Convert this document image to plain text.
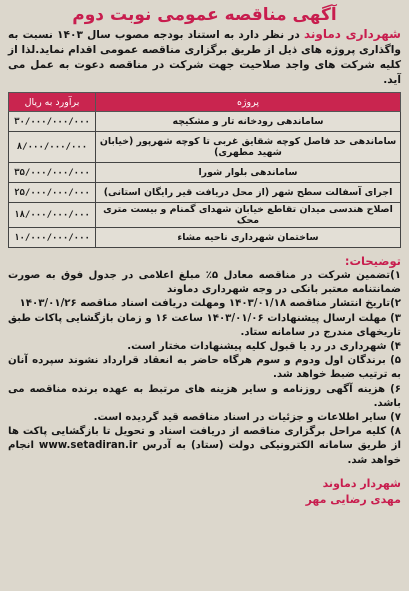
آگهی مناقصه عمومی نوبت دوم

شهرداری دماوند در نظر دارد به استناد بودجه مصوب سال ۱۴۰۳ نسبت به واگذاری پروژه های ذیل از طریق برگزاری مناقصه عمومی اقدام نماید.لذا از کلیه شرکت های واجد صلاحیت جهت شرکت در مناقصه دعوت به عمل می آید.

پروژه	برآورد به ریال
ساماندهی رودخانه تار و مشکیچه	۳۰/۰۰۰/۰۰۰/۰۰۰
ساماندهی حد فاصل کوچه شقایق غربی تا کوچه شهرپور (خیابان شهید مطهری)	۸/۰۰۰/۰۰۰/۰۰۰
ساماندهی بلوار شورا	۳۵/۰۰۰/۰۰۰/۰۰۰
اجرای آسفالت سطح شهر (از محل دریافت قیر رایگان استانی)	۲۵/۰۰۰/۰۰۰/۰۰۰
اصلاح هندسی میدان تقاطع خیابان شهدای گمنام و بیست متری محک	۱۸/۰۰۰/۰۰۰/۰۰۰
ساختمان شهرداری ناحیه مشاء	۱۰/۰۰۰/۰۰۰/۰۰۰
توضیحات:
۱)تضمین شرکت در مناقصه معادل ۵٪ مبلغ اعلامی در جدول فوق به صورت ضمانتنامه معتبر بانکی در وجه شهرداری دماوند
۲)تاریخ انتشار مناقصه ۱۴۰۳/۰۱/۱۸ ومهلت دریافت اسناد مناقصه ۱۴۰۳/۰۱/۲۶
۳) مهلت ارسال پیشنهادات ۱۴۰۳/۰۱/۰۶ ساعت ۱۶ و زمان بازگشایی پاکات طبق تاریخهای مندرج در سامانه ستاد.
۴) شهرداری در رد یا قبول کلیه پیشنهادات مختار است.
۵) برندگان اول ودوم و سوم هرگاه حاضر به انعقاد قرارداد نشوند سپرده آنان به ترتیب ضبط خواهد شد.
۶) هزینه آگهی روزنامه و سایر هزینه های مرتبط به عهده برنده مناقصه می باشد.
۷) سایر اطلاعات و جزئیات در اسناد مناقصه قید گردیده است.
۸) کلیه مراحل برگزاری مناقصه از دریافت اسناد و تحویل تا بازگشایی پاکت ها از طریق سامانه الکترونیکی دولت (ستاد) به آدرس www.setadiran.ir انجام خواهد شد.
شهردار دماوند
مهدی رضایی مهر
